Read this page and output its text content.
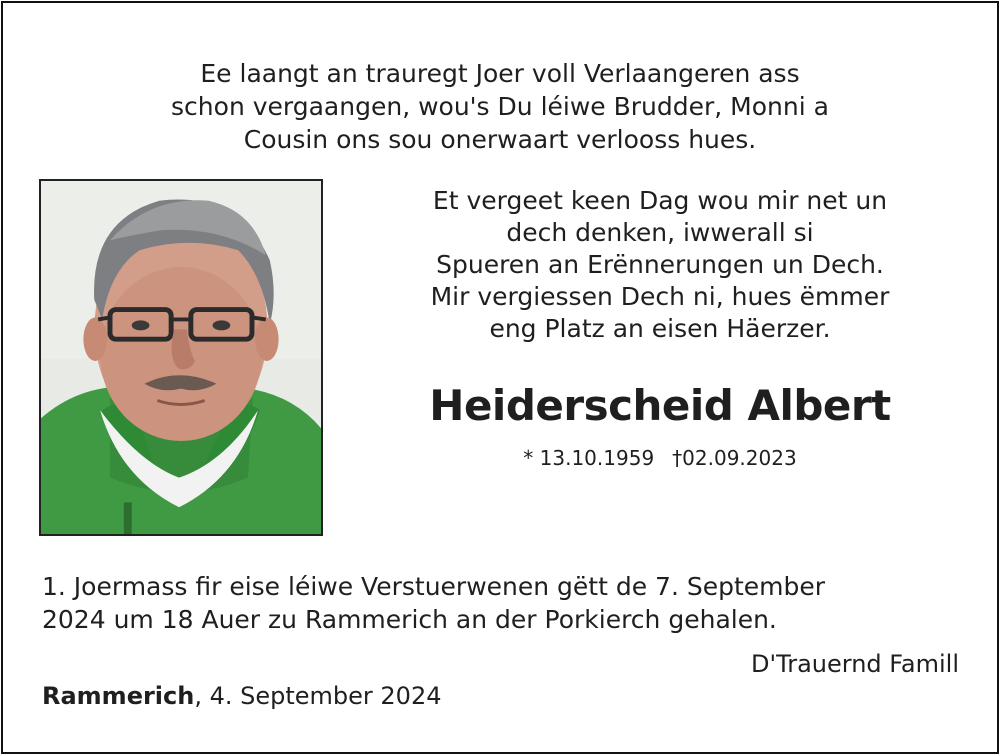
Ee laangt an trauregt Joer voll Verlaangeren ass
schon vergaangen, wou's Du léiwe Brudder, Monni a
Cousin ons sou onerwaart verlooss hues.
Et vergeet keen Dag wou mir net un
dech denken, iwwerall si
Spueren an Erënnerungen un Dech.
Mir vergiessen Dech ni, hues ëmmer
eng Platz an eisen Häerzer.
Heiderscheid Albert
* 13.10.1959 †02.09.2023
1. Joermass fir eise léiwe Verstuerwenen gëtt de 7. September
2024 um 18 Auer zu Rammerich an der Porkierch gehalen.
D'Trauernd Famill
Rammerich, 4. September 2024
